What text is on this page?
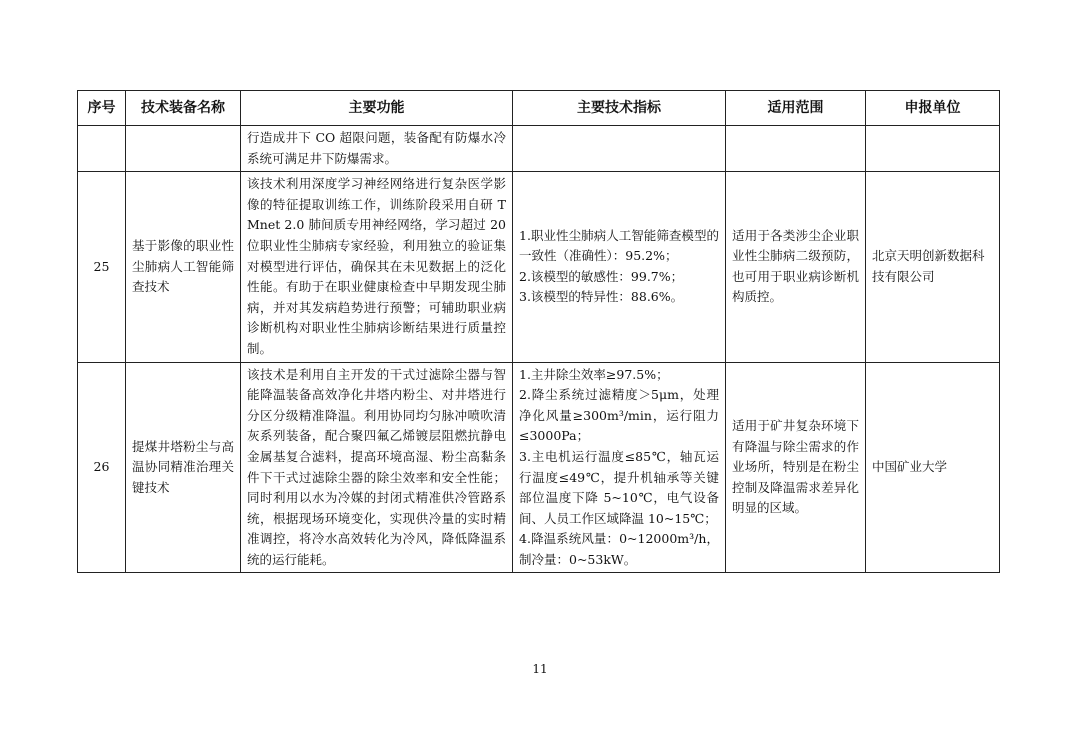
序号	技术装备名称	主要功能	主要技术指标	适用范围	申报单位
		行造成井下 CO 超限问题，装备配有防爆水冷系统可满足井下防爆需求。			
25	基于影像的职业性尘肺病人工智能筛查技术	该技术利用深度学习神经网络进行复杂医学影像的特征提取训练工作，训练阶段采用自研 TMnet 2.0 肺间质专用神经网络，学习超过 20 位职业性尘肺病专家经验，利用独立的验证集对模型进行评估，确保其在未见数据上的泛化性能。有助于在职业健康检查中早期发现尘肺病，并对其发病趋势进行预警；可辅助职业病诊断机构对职业性尘肺病诊断结果进行质量控制。	1.职业性尘肺病人工智能筛查模型的一致性（准确性）：95.2%；
2.该模型的敏感性：99.7%；
3.该模型的特异性：88.6%。	适用于各类涉尘企业职业性尘肺病二级预防，也可用于职业病诊断机构质控。	北京天明创新数据科技有限公司
26	提煤井塔粉尘与高温协同精准治理关键技术	该技术是利用自主开发的干式过滤除尘器与智能降温装备高效净化井塔内粉尘、对井塔进行分区分级精准降温。利用协同均匀脉冲喷吹清灰系列装备，配合聚四氟乙烯镀层阻燃抗静电金属基复合滤料，提高环境高湿、粉尘高黏条件下干式过滤除尘器的除尘效率和安全性能；同时利用以水为冷媒的封闭式精准供冷管路系统，根据现场环境变化，实现供冷量的实时精准调控，将冷水高效转化为冷风，降低降温系统的运行能耗。	1.主井除尘效率≥97.5%；
2.降尘系统过滤精度＞5μm，处理净化风量≥300m³/min，运行阻力≤3000Pa；
3.主电机运行温度≤85℃，轴瓦运行温度≤49℃，提升机轴承等关键部位温度下降 5~10℃，电气设备间、人员工作区域降温 10~15℃；
4.降温系统风量：0~12000m³/h，制冷量：0~53kW。	适用于矿井复杂环境下有降温与除尘需求的作业场所，特别是在粉尘控制及降温需求差异化明显的区域。	中国矿业大学
11
